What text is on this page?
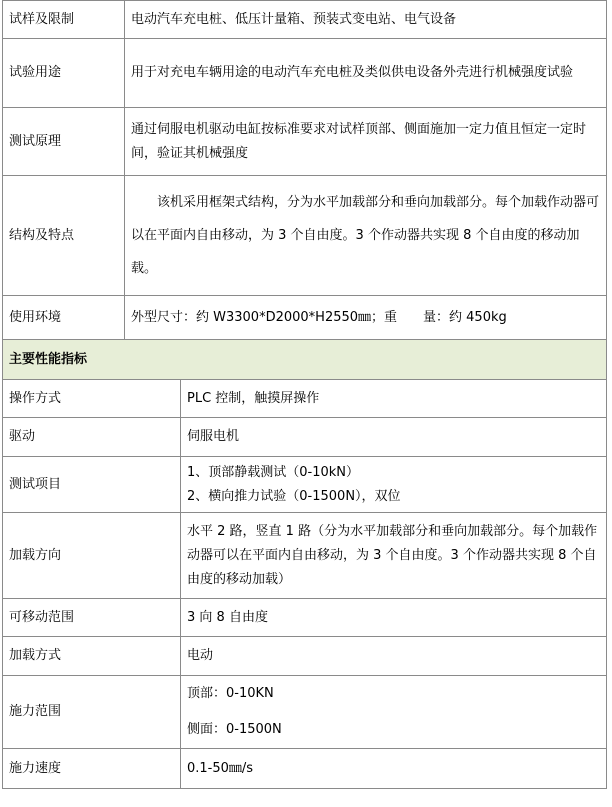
试样及限制	电动汽车充电桩、低压计量箱、预装式变电站、电气设备	
试验用途	用于对充电车辆用途的电动汽车充电桩及类似供电设备外壳进行机械强度试验	
测试原理	通过伺服电机驱动电缸按标准要求对试样顶部、侧面施加一定力值且恒定一定时间，验证其机械强度	
结构及特点	该机采用框架式结构，分为水平加载部分和垂向加载部分。每个加载作动器可以在平面内自由移动，为 3 个自由度。3 个作动器共实现 8 个自由度的移动加载。	
使用环境	外型尺寸：约 W3300*D2000*H2550㎜；重　　量：约 450kg	
主要性能指标		
操作方式		PLC 控制，触摸屏操作
驱动		伺服电机
测试项目		1、顶部静载测试（0-10kN）
2、横向推力试验（0-1500N），双位

加载方向		水平 2 路，竖直 1 路（分为水平加载部分和垂向加载部分。每个加载作动器可以在平面内自由移动，为 3 个自由度。3 个作动器共实现 8 个自由度的移动加载）
可移动范围		3 向 8 自由度
加载方式		电动
施力范围		顶部：0-10KN
侧面：0-1500N

施力速度		0.1-50㎜/s
